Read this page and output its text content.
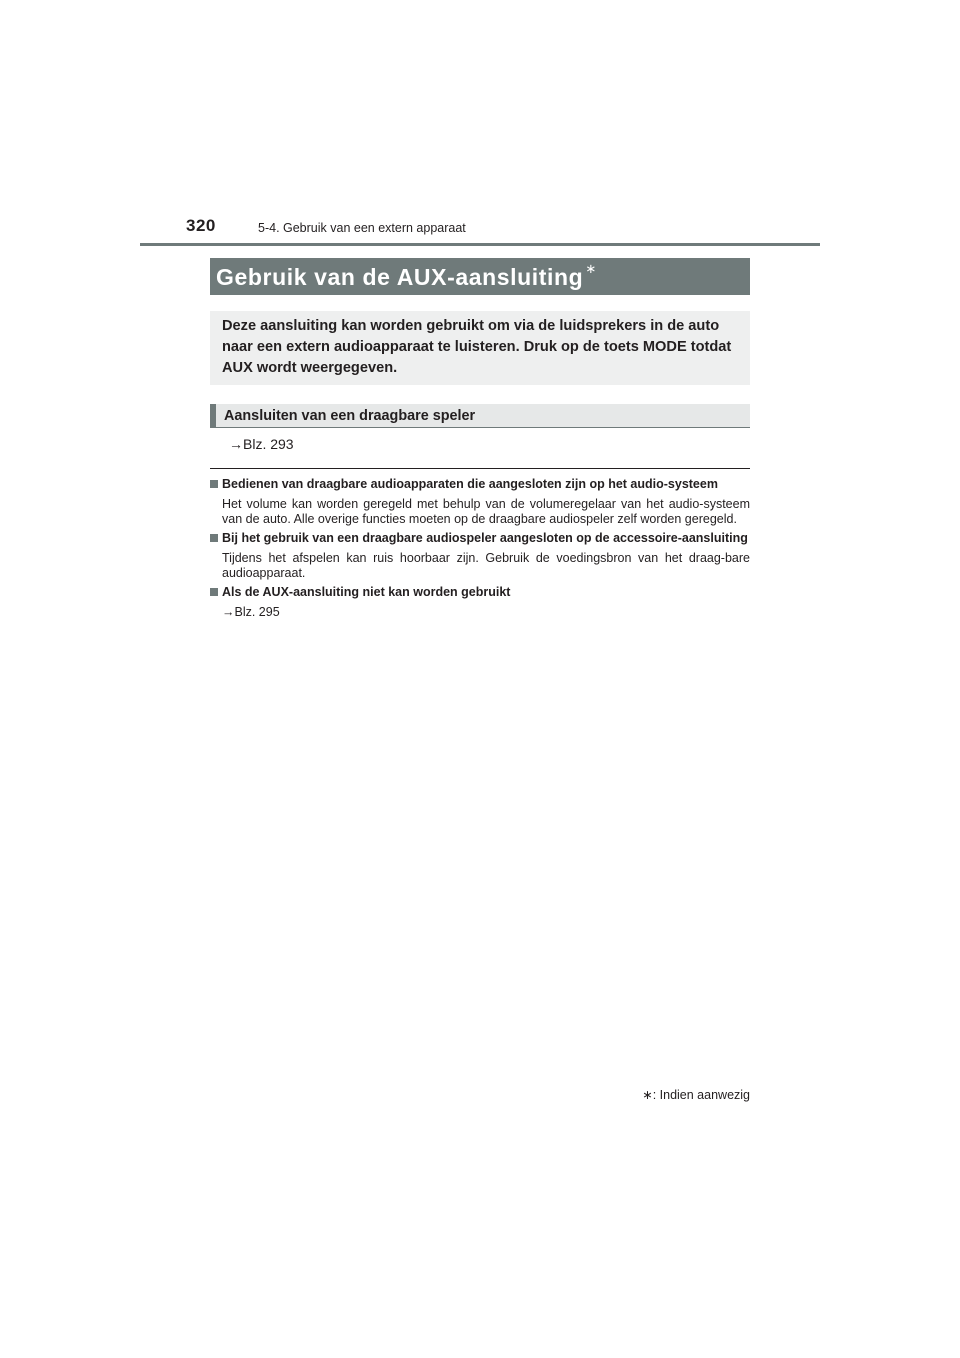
320	5-4. Gebruik van een extern apparaat
Gebruik van de AUX-aansluiting ∗
Deze aansluiting kan worden gebruikt om via de luidsprekers in de auto naar een extern audioapparaat te luisteren. Druk op de toets MODE totdat AUX wordt weergegeven.
Aansluiten van een draagbare speler
→Blz. 293
Bedienen van draagbare audioapparaten die aangesloten zijn op het audio-systeem
Het volume kan worden geregeld met behulp van de volumeregelaar van het audio-systeem van de auto. Alle overige functies moeten op de draagbare audiospeler zelf worden geregeld.
Bij het gebruik van een draagbare audiospeler aangesloten op de accessoire-aansluiting
Tijdens het afspelen kan ruis hoorbaar zijn. Gebruik de voedingsbron van het draag-bare audioapparaat.
Als de AUX-aansluiting niet kan worden gebruikt
→Blz. 295
∗: Indien aanwezig
